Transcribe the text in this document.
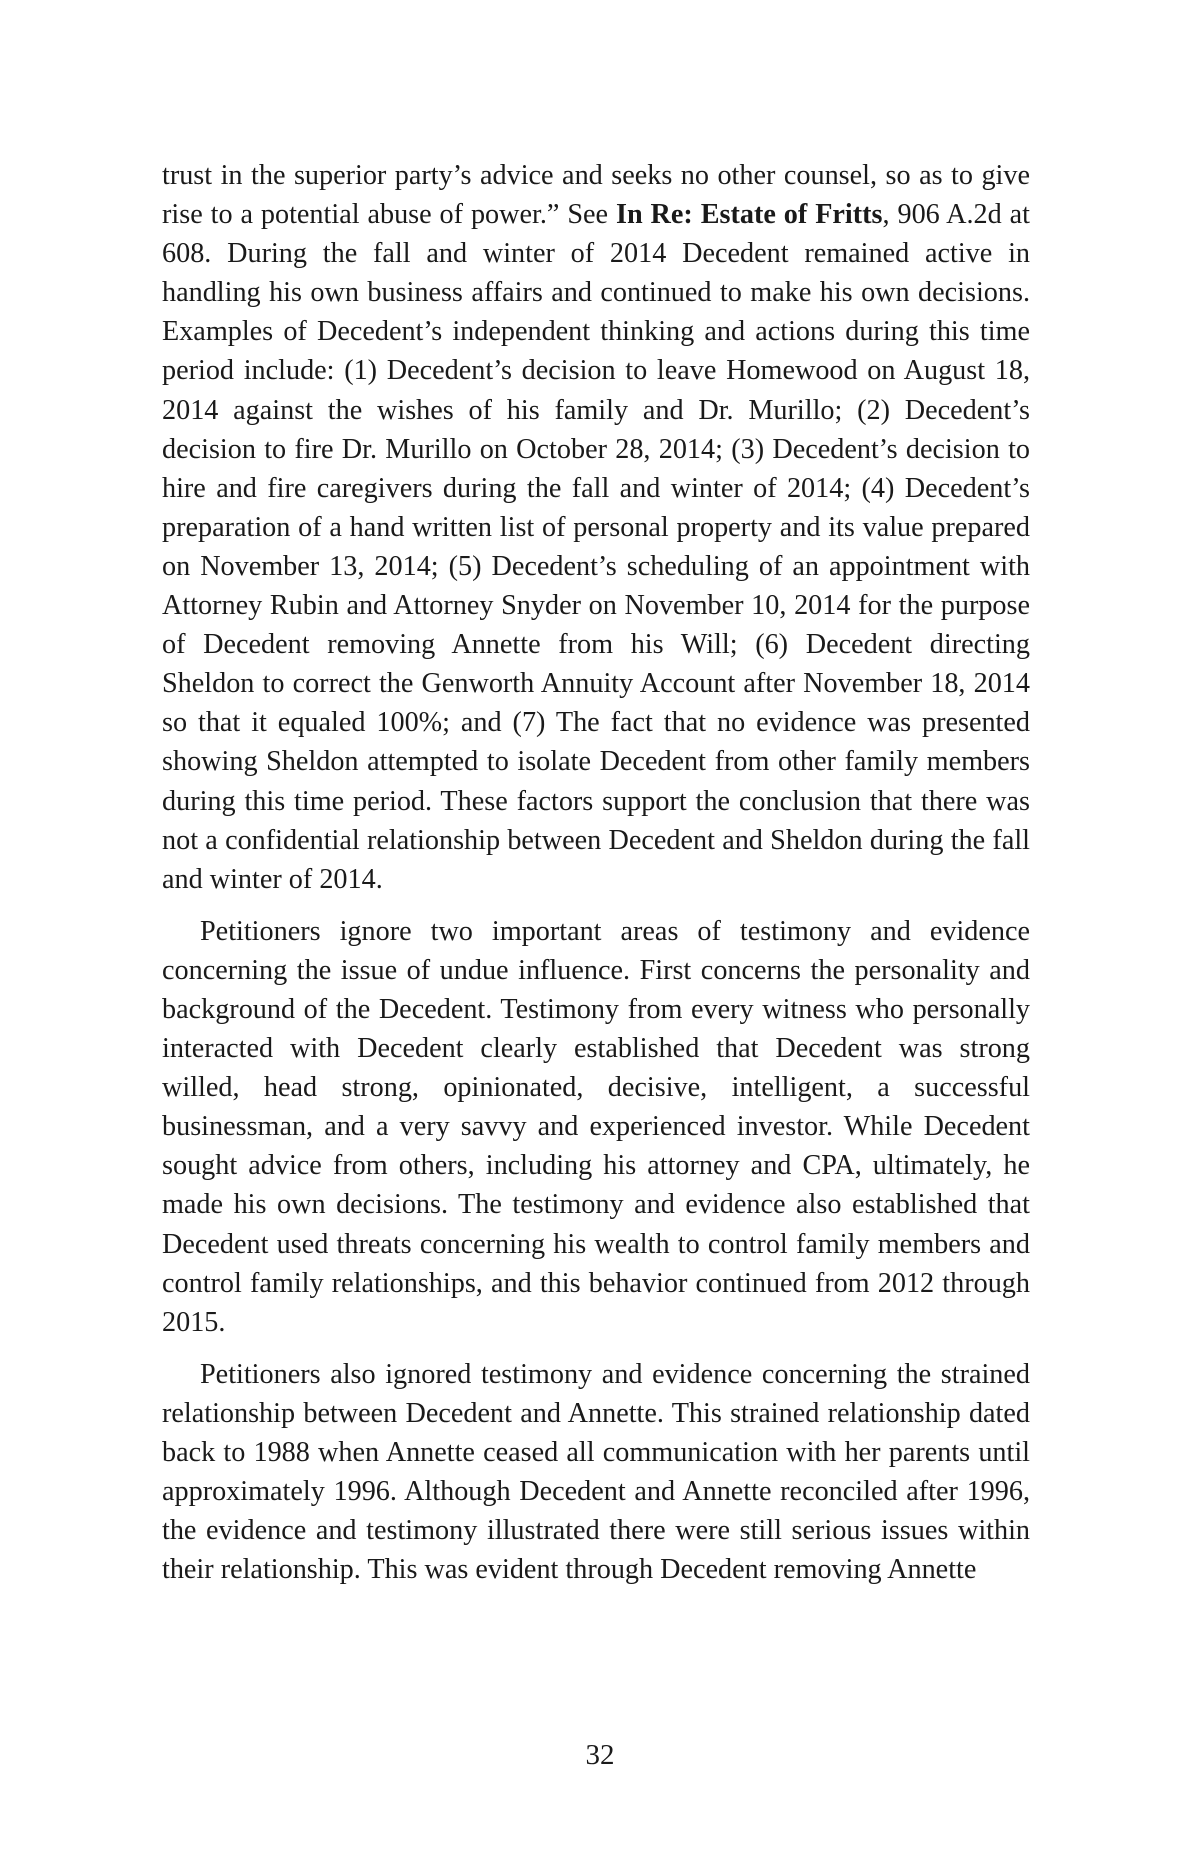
trust in the superior party’s advice and seeks no other counsel, so as to give rise to a potential abuse of power.” See In Re: Estate of Fritts, 906 A.2d at 608. During the fall and winter of 2014 Decedent remained active in handling his own business affairs and continued to make his own decisions. Examples of Decedent’s independent thinking and actions during this time period include: (1) Decedent’s decision to leave Homewood on August 18, 2014 against the wishes of his family and Dr. Murillo; (2) Decedent’s decision to fire Dr. Murillo on October 28, 2014; (3) Decedent’s decision to hire and fire caregivers during the fall and winter of 2014; (4) Decedent’s preparation of a hand written list of personal property and its value prepared on November 13, 2014; (5) Decedent’s scheduling of an appointment with Attorney Rubin and Attorney Snyder on November 10, 2014 for the purpose of Decedent removing Annette from his Will; (6) Decedent directing Sheldon to correct the Genworth Annuity Account after November 18, 2014 so that it equaled 100%; and (7) The fact that no evidence was presented showing Sheldon attempted to isolate Decedent from other family members during this time period. These factors support the conclusion that there was not a confidential relationship between Decedent and Sheldon during the fall and winter of 2014.

Petitioners ignore two important areas of testimony and evidence concerning the issue of undue influence. First concerns the personality and background of the Decedent. Testimony from every witness who personally interacted with Decedent clearly established that Decedent was strong willed, head strong, opinionated, decisive, intelligent, a successful businessman, and a very savvy and experienced investor. While Decedent sought advice from others, including his attorney and CPA, ultimately, he made his own decisions. The testimony and evidence also established that Decedent used threats concerning his wealth to control family members and control family relationships, and this behavior continued from 2012 through 2015.

Petitioners also ignored testimony and evidence concerning the strained relationship between Decedent and Annette. This strained relationship dated back to 1988 when Annette ceased all communication with her parents until approximately 1996. Although Decedent and Annette reconciled after 1996, the evidence and testimony illustrated there were still serious issues within their relationship. This was evident through Decedent removing Annette

32
